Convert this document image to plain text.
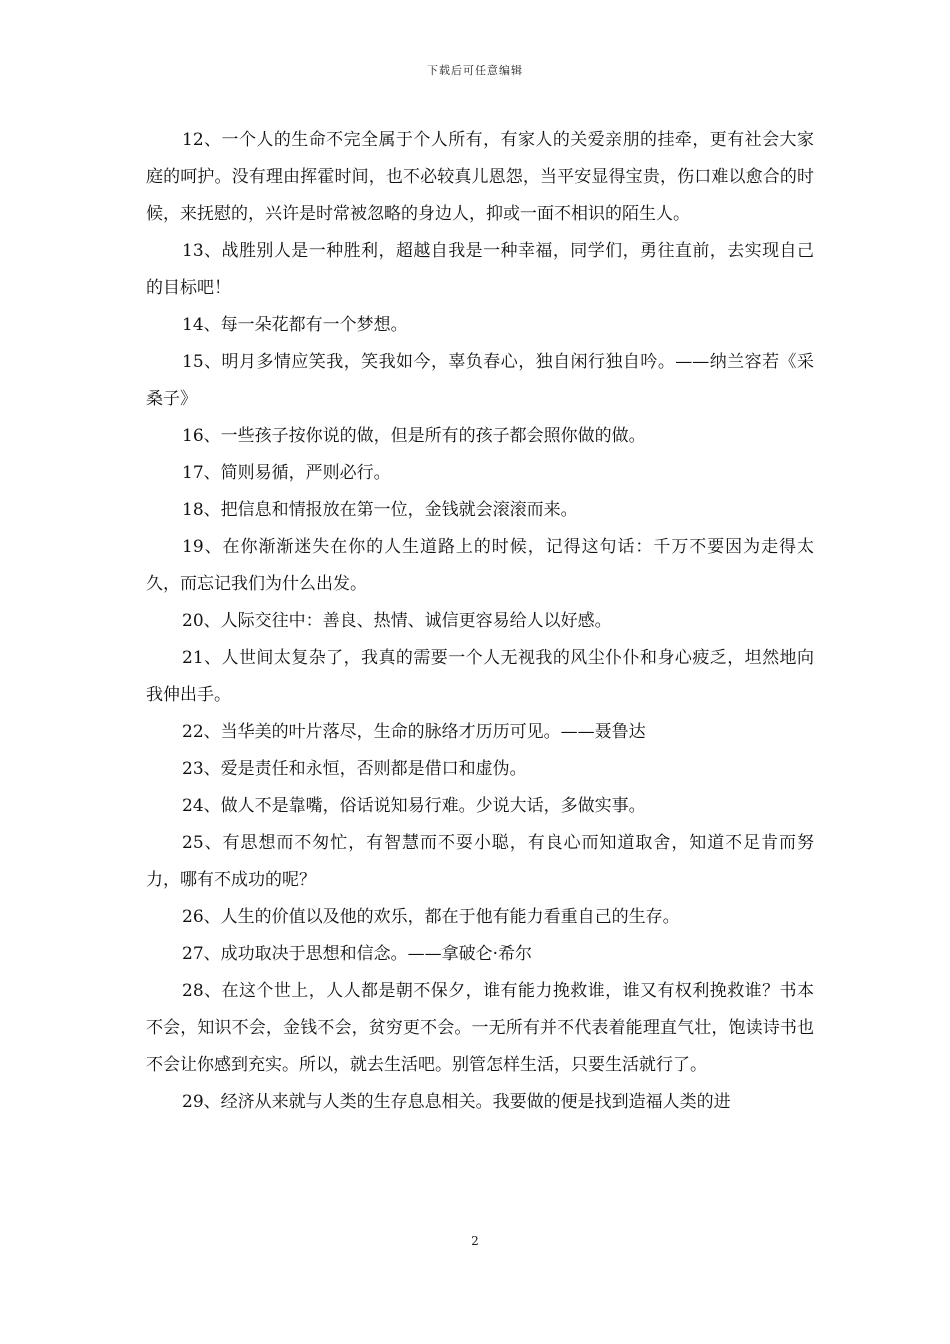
下载后可任意编辑

12、一个人的生命不完全属于个人所有，有家人的关爱亲朋的挂牵，更有社会大家庭的呵护。没有理由挥霍时间，也不必较真儿恩怨，当平安显得宝贵，伤口难以愈合的时候，来抚慰的，兴许是时常被忽略的身边人，抑或一面不相识的陌生人。

13、战胜别人是一种胜利，超越自我是一种幸福，同学们，勇往直前，去实现自己的目标吧！

14、每一朵花都有一个梦想。

15、明月多情应笑我，笑我如今，辜负春心，独自闲行独自吟。——纳兰容若《采桑子》

16、一些孩子按你说的做，但是所有的孩子都会照你做的做。

17、简则易循，严则必行。

18、把信息和情报放在第一位，金钱就会滚滚而来。

19、在你渐渐迷失在你的人生道路上的时候，记得这句话：千万不要因为走得太久，而忘记我们为什么出发。

20、人际交往中：善良、热情、诚信更容易给人以好感。

21、人世间太复杂了，我真的需要一个人无视我的风尘仆仆和身心疲乏，坦然地向我伸出手。

22、当华美的叶片落尽，生命的脉络才历历可见。——聂鲁达

23、爱是责任和永恒，否则都是借口和虚伪。

24、做人不是靠嘴，俗话说知易行难。少说大话，多做实事。

25、有思想而不匆忙，有智慧而不耍小聪，有良心而知道取舍，知道不足肯而努力，哪有不成功的呢？

26、人生的价值以及他的欢乐，都在于他有能力看重自己的生存。

27、成功取决于思想和信念。——拿破仑·希尔

28、在这个世上，人人都是朝不保夕，谁有能力挽救谁，谁又有权利挽救谁？书本不会，知识不会，金钱不会，贫穷更不会。一无所有并不代表着能理直气壮，饱读诗书也不会让你感到充实。所以，就去生活吧。别管怎样生活，只要生活就行了。

29、经济从来就与人类的生存息息相关。我要做的便是找到造福人类的进

2
